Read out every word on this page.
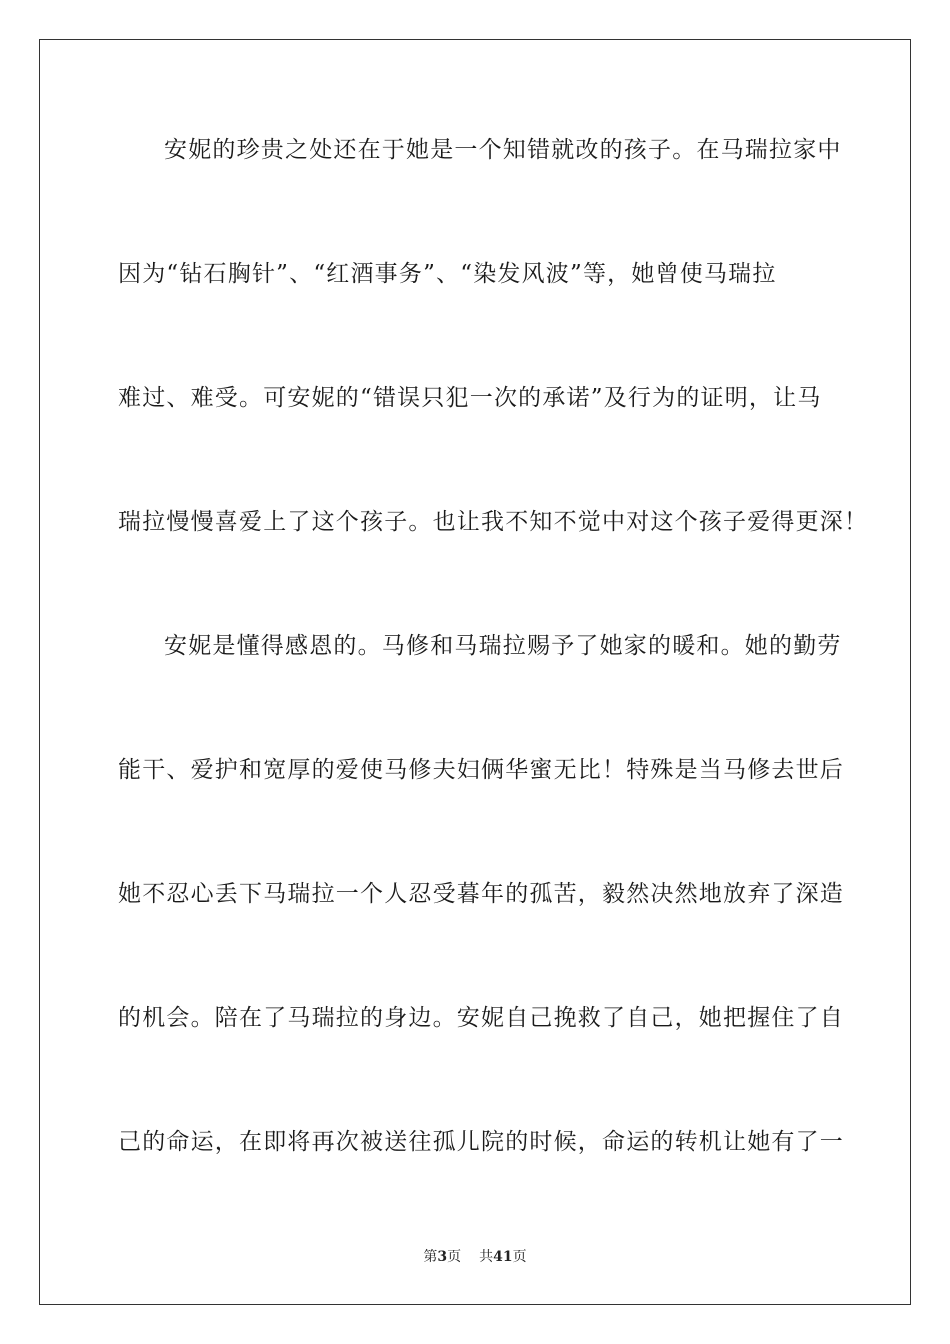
安妮的珍贵之处还在于她是一个知错就改的孩子。在马瑞拉家中
因为“钻石胸针”、“红酒事务”、“染发风波”等，她曾使马瑞拉
难过、难受。可安妮的“错误只犯一次的承诺”及行为的证明，让马
瑞拉慢慢喜爱上了这个孩子。也让我不知不觉中对这个孩子爱得更深！
安妮是懂得感恩的。马修和马瑞拉赐予了她家的暖和。她的勤劳
能干、爱护和宽厚的爱使马修夫妇俩华蜜无比！特殊是当马修去世后
她不忍心丢下马瑞拉一个人忍受暮年的孤苦，毅然决然地放弃了深造
的机会。陪在了马瑞拉的身边。安妮自己挽救了自己，她把握住了自
己的命运，在即将再次被送往孤儿院的时候，命运的转机让她有了一
第3页 共41页
